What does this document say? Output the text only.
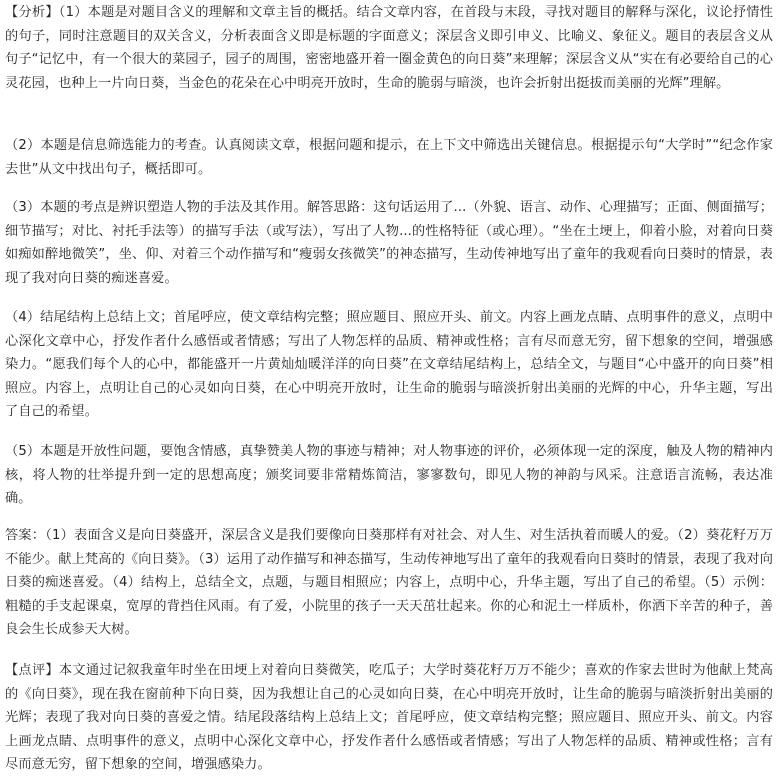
【分析】（1）本题是对题目含义的理解和文章主旨的概括。结合文章内容，在首段与末段，寻找对题目的解释与深化，议论抒情性的句子，同时注意题目的双关含义，分析表面含义即是标题的字面意义；深层含义即引申义、比喻义、象征义。题目的表层含义从句子“记忆中，有一个很大的菜园子，园子的周围，密密地盛开着一圈金黄色的向日葵”来理解；深层含义从“实在有必要给自己的心灵花园，也种上一片向日葵，当金色的花朵在心中明亮开放时，生命的脆弱与暗淡，也许会折射出挺拔而美丽的光辉”理解。

（2）本题是信息筛选能力的考查。认真阅读文章，根据问题和提示，在上下文中筛选出关键信息。根据提示句“大学时”“纪念作家去世”从文中找出句子，概括即可。

（3）本题的考点是辨识塑造人物的手法及其作用。解答思路：这句话运用了...（外貌、语言、动作、心理描写；正面、侧面描写；细节描写；对比、衬托手法等）的描写手法（或写法），写出了人物...的性格特征（或心理）。“坐在土埂上，仰着小脸，对着向日葵如痴如醉地微笑”，坐、仰、对着三个动作描写和“瘦弱女孩微笑”的神态描写，生动传神地写出了童年的我观看向日葵时的情景，表现了我对向日葵的痴迷喜爱。

（4）结尾结构上总结上文；首尾呼应，使文章结构完整；照应题目、照应开头、前文。内容上画龙点睛、点明事件的意义，点明中心深化文章中心，抒发作者什么感悟或者情感；写出了人物怎样的品质、精神或性格；言有尽而意无穷，留下想象的空间，增强感染力。“愿我们每个人的心中，都能盛开一片黄灿灿暖洋洋的向日葵”在文章结尾结构上，总结全文，与题目“心中盛开的向日葵”相照应。内容上，点明让自己的心灵如向日葵，在心中明亮开放时，让生命的脆弱与暗淡折射出美丽的光辉的中心，升华主题，写出了自己的希望。

（5）本题是开放性问题，要饱含情感，真挚赞美人物的事迹与精神；对人物事迹的评价，必须体现一定的深度，触及人物的精神内核，将人物的壮举提升到一定的思想高度；颁奖词要非常精炼简洁，寥寥数句，即见人物的神韵与风采。注意语言流畅，表达准确。

答案：（1）表面含义是向日葵盛开，深层含义是我们要像向日葵那样有对社会、对人生、对生活执着而暖人的爱。（2）葵花籽万万不能少。献上梵高的《向日葵》。（3）运用了动作描写和神态描写，生动传神地写出了童年的我观看向日葵时的情景，表现了我对向日葵的痴迷喜爱。（4）结构上，总结全文，点题，与题目相照应；内容上，点明中心，升华主题，写出了自己的希望。（5）示例：粗糙的手支起课桌，宽厚的背挡住风雨。有了爱，小院里的孩子一天天茁壮起来。你的心和泥土一样质朴，你洒下辛苦的种子，善良会生长成参天大树。

【点评】本文通过记叙我童年时坐在田埂上对着向日葵微笑，吃瓜子；大学时葵花籽万万不能少；喜欢的作家去世时为他献上梵高的《向日葵》，现在我在窗前种下向日葵，因为我想让自己的心灵如向日葵，在心中明亮开放时，让生命的脆弱与暗淡折射出美丽的光辉；表现了我对向日葵的喜爱之情。结尾段落结构上总结上文；首尾呼应，使文章结构完整；照应题目、照应开头、前文。内容上画龙点睛、点明事件的意义，点明中心深化文章中心，抒发作者什么感悟或者情感；写出了人物怎样的品质、精神或性格；言有尽而意无穷，留下想象的空间，增强感染力。
